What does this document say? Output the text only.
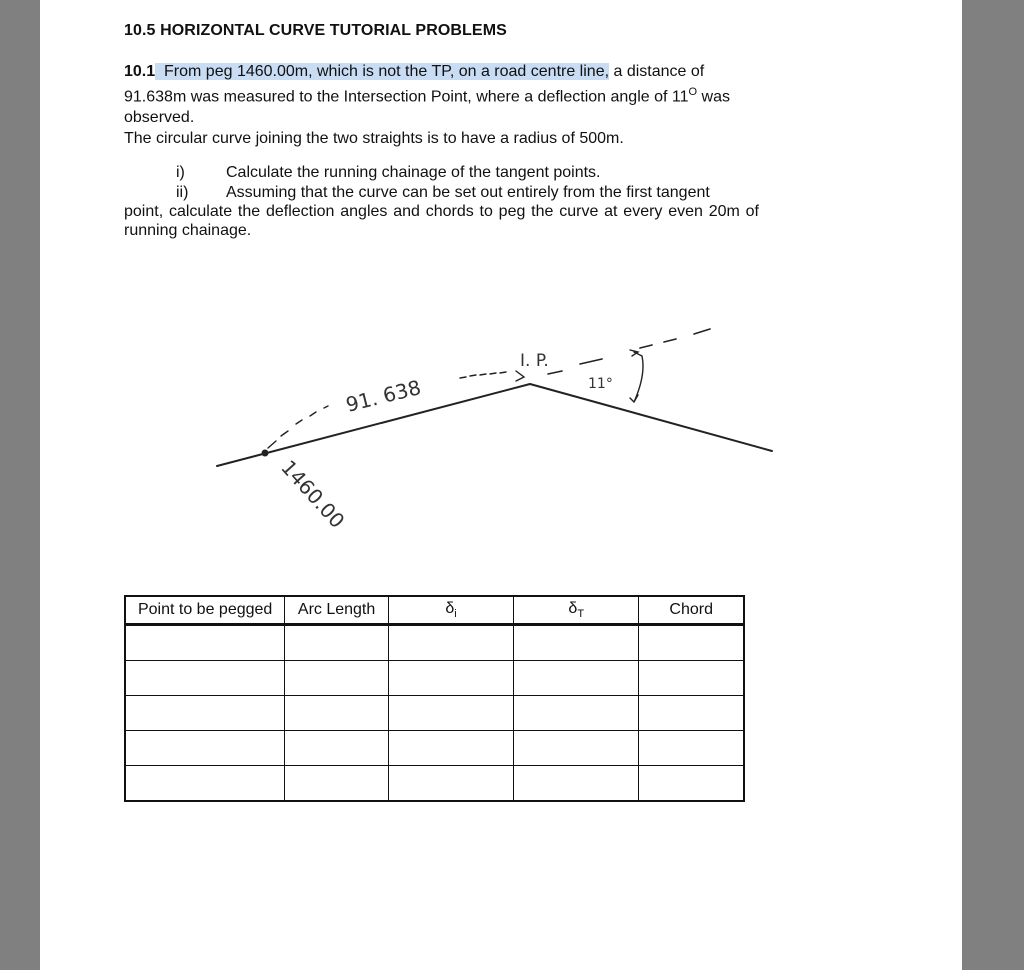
10.5 HORIZONTAL CURVE TUTORIAL PROBLEMS
10.1 From peg 1460.00m, which is not the TP, on a road centre line, a distance of 91.638m was measured to the Intersection Point, where a deflection angle of $11^O$ was observed.
The circular curve joining the two straights is to have a radius of 500m.
i)	Calculate the running chainage of the tangent points.
ii) Assuming that the curve can be set out entirely from the first tangent
point, calculate the deflection angles and chords to peg the curve at every even 20m of running chainage.
91. 638
I. P.
11°
1460.00
Point to be pegged	Arc Length	$\delta_i$	$\delta_T$	Chord
